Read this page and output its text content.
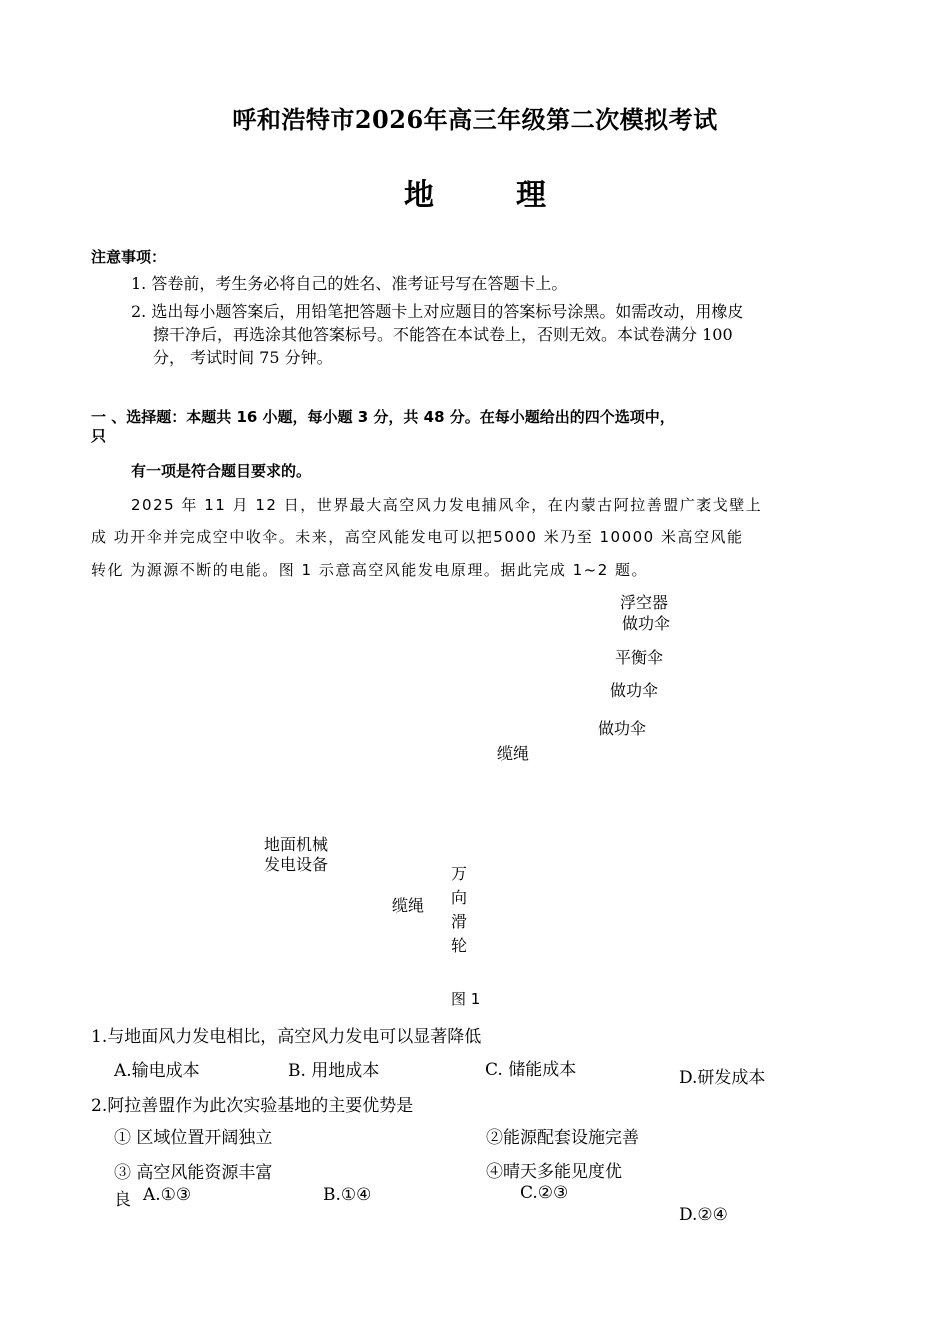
呼和浩特市2026年高三年级第二次模拟考试
地　理
注意事项：
1. 答卷前，考生务必将自己的姓名、准考证号写在答题卡上。
2. 选出每小题答案后，用铅笔把答题卡上对应题目的答案标号涂黑。如需改动，用橡皮
擦干净后，再选涂其他答案标号。不能答在本试卷上，否则无效。本试卷满分 100
分， 考试时间 75 分钟。
一 、选择题：本题共 16 小题，每小题 3 分，共 48 分。在每小题给出的四个选项中，
只
有一项是符合题目要求的。
2025 年 11 月 12 日，世界最大高空风力发电捕风伞，在内蒙古阿拉善盟广袤戈壁上
成 功开伞并完成空中收伞。未来，高空风能发电可以把5000 米乃至 10000 米高空风能
转化 为源源不断的电能。图 1 示意高空风能发电原理。据此完成 1~2 题。
浮空器
做功伞
平衡伞
做功伞
做功伞
缆绳
地面机械 发电设备
缆绳
万向滑轮
图 1
1.与地面风力发电相比，高空风力发电可以显著降低
A.输电成本	B. 用地成本	C. 储能成本	D.研发成本
2.阿拉善盟作为此次实验基地的主要优势是
① 区域位置开阔独立	②能源配套设施完善
③ 高空风能资源丰富	④晴天多能见度优
良 A.①③	B.①④	C.②③
D.②④
